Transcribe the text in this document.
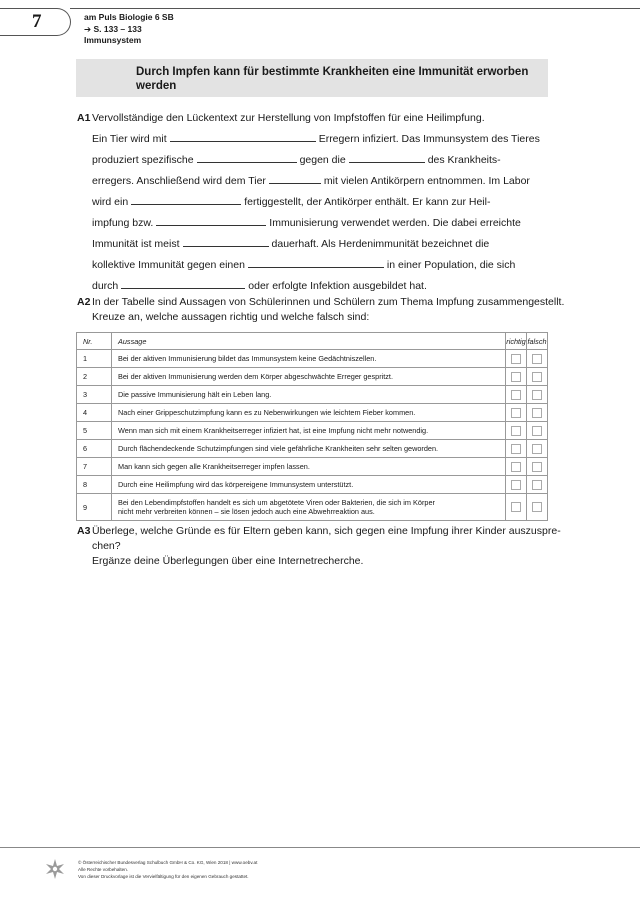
7	am Puls Biologie 6 SB
➔ S. 133 – 133
Immunsystem
Durch Impfen kann für bestimmte Krankheiten eine Immunität erworben werden
A1 Vervollständige den Lückentext zur Herstellung von Impfstoffen für eine Heilimpfung.
Ein Tier wird mit	Erregern infiziert. Das Immunsystem des Tieres
produziert spezifische	gegen die	des Krankheits-
erregers. Anschließend wird dem Tier	mit vielen Antikörpern entnommen. Im Labor
wird ein	fertiggestellt, der Antikörper enthält. Er kann zur Heil-
impfung bzw.	Immunisierung verwendet werden. Die dabei erreichte
Immunität ist meist	dauerhaft. Als Herdenimmunität bezeichnet die
kollektive Immunität gegen einen	in einer Population, die sich
durch	oder erfolgte Infektion ausgebildet hat.
A2 In der Tabelle sind Aussagen von Schülerinnen und Schülern zum Thema Impfung zusammengestellt.
Kreuze an, welche aussagen richtig und welche falsch sind:
Nr.	Aussage	richtig	falsch
1	Bei der aktiven Immunisierung bildet das Immunsystem keine Gedächtniszellen.		
2	Bei der aktiven Immunisierung werden dem Körper abgeschwächte Erreger gespritzt.		
3	Die passive Immunisierung hält ein Leben lang.		
4	Nach einer Grippeschutzimpfung kann es zu Nebenwirkungen wie leichtem Fieber kommen.		
5	Wenn man sich mit einem Krankheitserreger infiziert hat, ist eine Impfung nicht mehr notwendig.		
6	Durch flächendeckende Schutzimpfungen sind viele gefährliche Krankheiten sehr selten geworden.		
7	Man kann sich gegen alle Krankheitserreger impfen lassen.		
8	Durch eine Heilimpfung wird das körpereigene Immunsystem unterstützt.		
9	Bei den Lebendimpfstoffen handelt es sich um abgetötete Viren oder Bakterien, die sich im Körper
nicht mehr verbreiten können – sie lösen jedoch auch eine Abwehrreaktion aus.		

A3 Überlege, welche Gründe es für Eltern geben kann, sich gegen eine Impfung ihrer Kinder auszuspre-
chen?
Ergänze deine Überlegungen über eine Internetrecherche.
© Österreichischer Bundesverlag Schulbuch GmbH & Co. KG, Wien 2018 | www.oebv.at
Alle Rechte vorbehalten.
Von dieser Druckvorlage ist die Vervielfältigung für den eigenen Gebrauch gestattet.
